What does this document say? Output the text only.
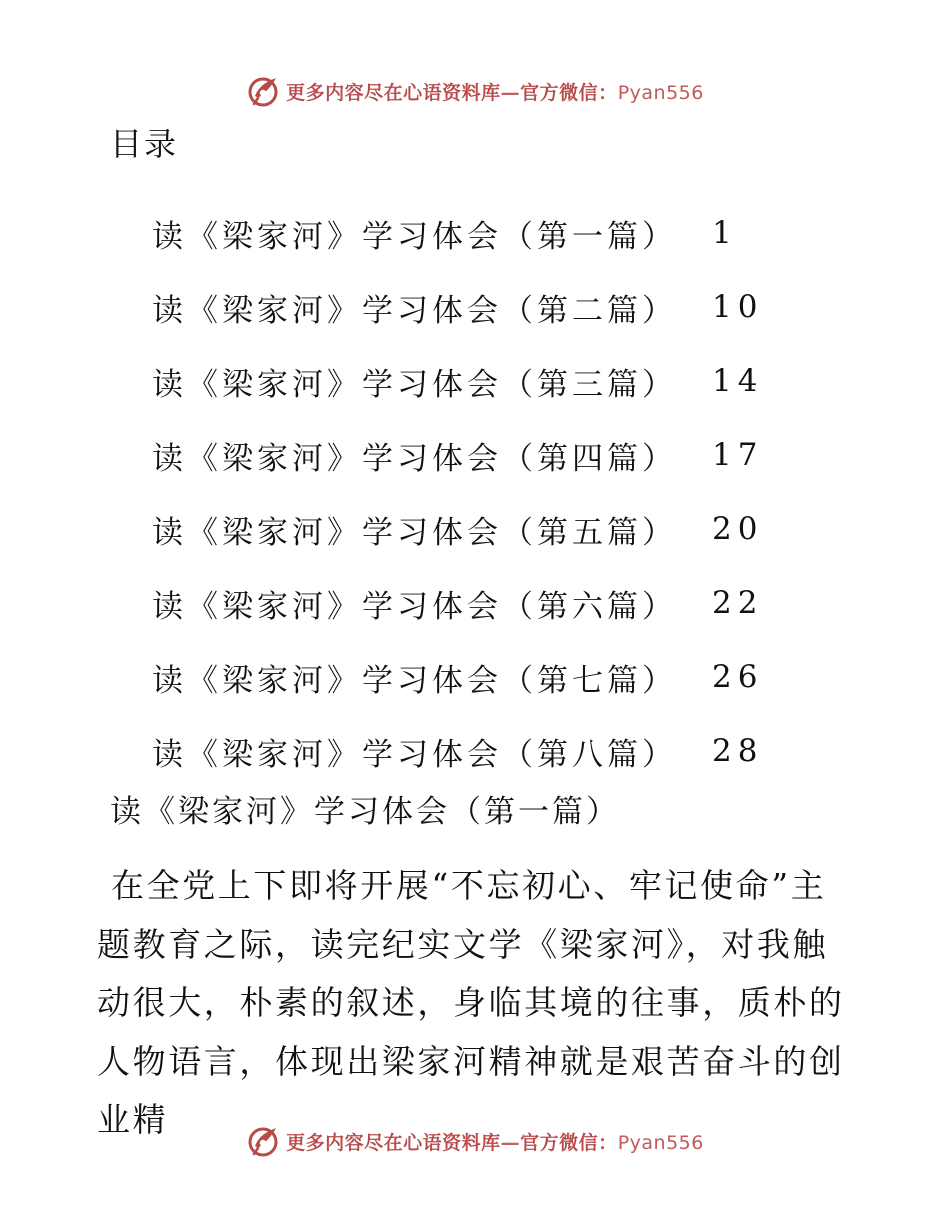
更多内容尽在心语资料库—官方微信：Pyan556
目录
读《梁家河》学习体会（第一篇）	1
读《梁家河》学习体会（第二篇）	10
读《梁家河》学习体会（第三篇）	14
读《梁家河》学习体会（第四篇）	17
读《梁家河》学习体会（第五篇）	20
读《梁家河》学习体会（第六篇）	22
读《梁家河》学习体会（第七篇）	26
读《梁家河》学习体会（第八篇）	28
读《梁家河》学习体会（第一篇）

在全党上下即将开展“不忘初心、牢记使命”主题教育之际，读完纪实文学《梁家河》，对我触动很大，朴素的叙述，身临其境的往事，质朴的人物语言，体现出梁家河精神就是艰苦奋斗的创业精

更多内容尽在心语资料库—官方微信：Pyan556
